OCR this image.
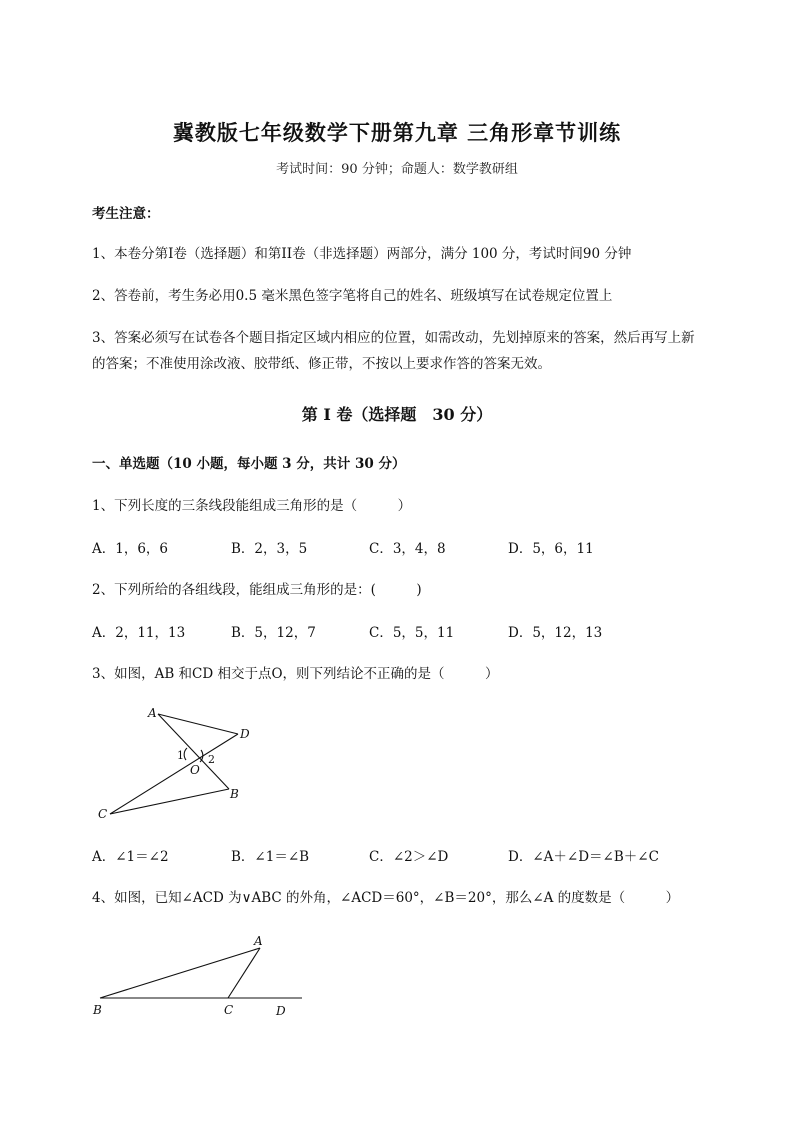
冀教版七年级数学下册第九章 三角形章节训练
考试时间：90 分钟；命题人：数学教研组
考生注意：
1、本卷分第I卷（选择题）和第II卷（非选择题）两部分，满分 100 分，考试时间90 分钟
2、答卷前，考生务必用0.5 毫米黑色签字笔将自己的姓名、班级填写在试卷规定位置上
3、答案必须写在试卷各个题目指定区域内相应的位置，如需改动，先划掉原来的答案，然后再写上新
的答案；不准使用涂改液、胶带纸、修正带，不按以上要求作答的答案无效。
第 I 卷（选择题　30 分）
一、单选题（10 小题，每小题 3 分，共计 30 分）
1、下列长度的三条线段能组成三角形的是（　　　）
A．1，6，6	B．2，3，5	C．3，4，8	D．5，6，11
2、下列所给的各组线段，能组成三角形的是：(　　　)
A．2，11，13	B．5，12，7	C．5，5，11	D．5，12，13
3、如图，AB 和CD 相交于点O，则下列结论不正确的是（　　　）
A
D
O
B
C
1 2
A．∠1＝∠2	B．∠1＝∠B	C．∠2＞∠D	D．∠A＋∠D＝∠B＋∠C
4、如图，已知∠ACD 为∨ABC 的外角，∠ACD＝60°，∠B＝20°，那么∠A 的度数是（　　　）
A
B	C	D
